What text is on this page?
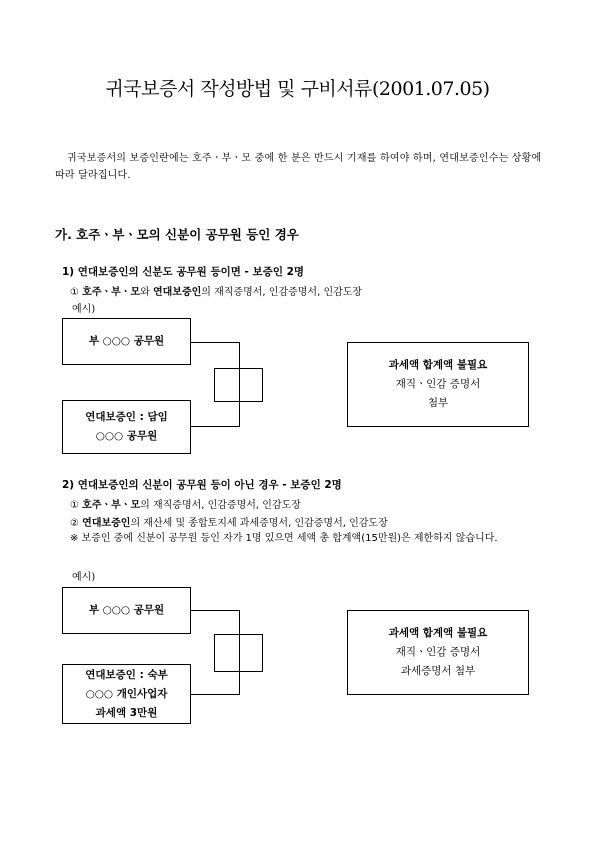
귀국보증서 작성방법 및 구비서류(2001.07.05)

귀국보증서의 보증인란에는 호주ㆍ부ㆍ모 중에 한 분은 반드시 기재를 하여야 하며, 연대보증인수는 상황에 따라 달라집니다.

가. 호주ㆍ부ㆍ모의 신분이 공무원 등인 경우
1) 연대보증인의 신분도 공무원 등이면 - 보증인 2명
① 호주ㆍ부ㆍ모와 연대보증인의 재직증명서, 인감증명서, 인감도장
예시)
부 ○○○ 공무원
연대보증인 : 담임
○○○ 공무원
과세액 합계액 불필요
재직ㆍ인감 증명서
첨부
2) 연대보증인의 신분이 공무원 등이 아닌 경우 - 보증인 2명
① 호주ㆍ부ㆍ모의 재직증명서, 인감증명서, 인감도장
② 연대보증인의 재산세 및 종합토지세 과세증명서, 인감증명서, 인감도장
※ 보증인 중에 신분이 공무원 등인 자가 1명 있으면 세액 총 합계액(15만원)은 제한하지 않습니다.
예시)
부 ○○○ 공무원
연대보증인 : 숙부
○○○ 개인사업자
과세액 3만원
과세액 합계액 불필요
재직ㆍ인감 증명서
과세증명서 첨부
